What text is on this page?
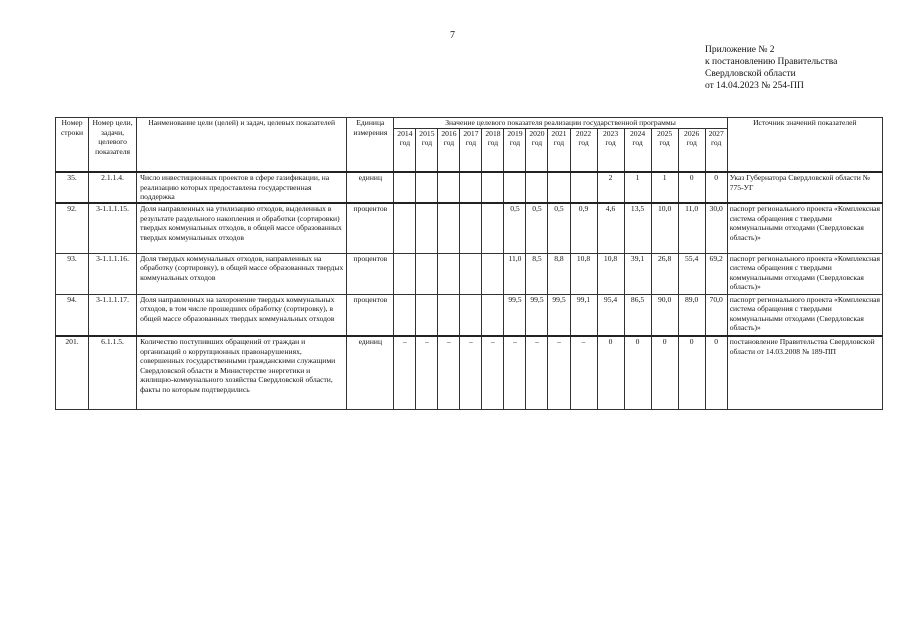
7
Приложение № 2
к постановлению Правительства
Свердловской области
от 14.04.2023 № 254-ПП
Номер строки	Номер цели, задачи, целевого показателя	Наименование цели (целей) и задач, целевых показателей	Единица измерения	Значение целевого показателя реализации государственной программы														Источник значений показателей
				2014 год	2015 год	2016 год	2017 год	2018 год	2019 год	2020 год	2021 год	2022 год	2023 год	2024 год	2025 год	2026 год	2027 год	
35.	2.1.1.4.	Число инвестиционных проектов в сфере газификации, на реализацию которых предоставлена государственная поддержка	единиц										2	1	1	0	0	Указ Губернатора Свердловской области № 775-УГ
92.	3-1.1.1.15.	Доля направленных на утилизацию отходов, выделенных в результате раздельного накопления и обработки (сортировки) твердых коммунальных отходов, в общей массе образованных твердых коммунальных отходов	процентов						0,5	0,5	0,5	0,9	4,6	13,5	10,0	11,0	30,0	паспорт регионального проекта «Комплексная система обращения с твердыми коммунальными отходами (Свердловская область)»
93.	3-1.1.1.16.	Доля твердых коммунальных отходов, направленных на обработку (сортировку), в общей массе образованных твердых коммунальных отходов	процентов						11,0	8,5	8,8	10,8	10,8	39,1	26,8	55,4	69,2	паспорт регионального проекта «Комплексная система обращения с твердыми коммунальными отходами (Свердловская область)»
94.	3-1.1.1.17.	Доля направленных на захоронение твердых коммунальных отходов, в том числе прошедших обработку (сортировку), в общей массе образованных твердых коммунальных отходов	процентов						99,5	99,5	99,5	99,1	95,4	86,5	90,0	89,0	70,0	паспорт регионального проекта «Комплексная система обращения с твердыми коммунальными отходами (Свердловская область)»
201.	6.1.1.5.	Количество поступивших обращений от граждан и организаций о коррупционных правонарушениях, совершенных государственными гражданскими служащими Свердловской области в Министерстве энергетики и жилищно-коммунального хозяйства Свердловской области, факты по которым подтвердились	единиц	–	–	–	–	–	–	–	–	–	0	0	0	0	0	постановление Правительства Свердловской области от 14.03.2008 № 189-ПП
